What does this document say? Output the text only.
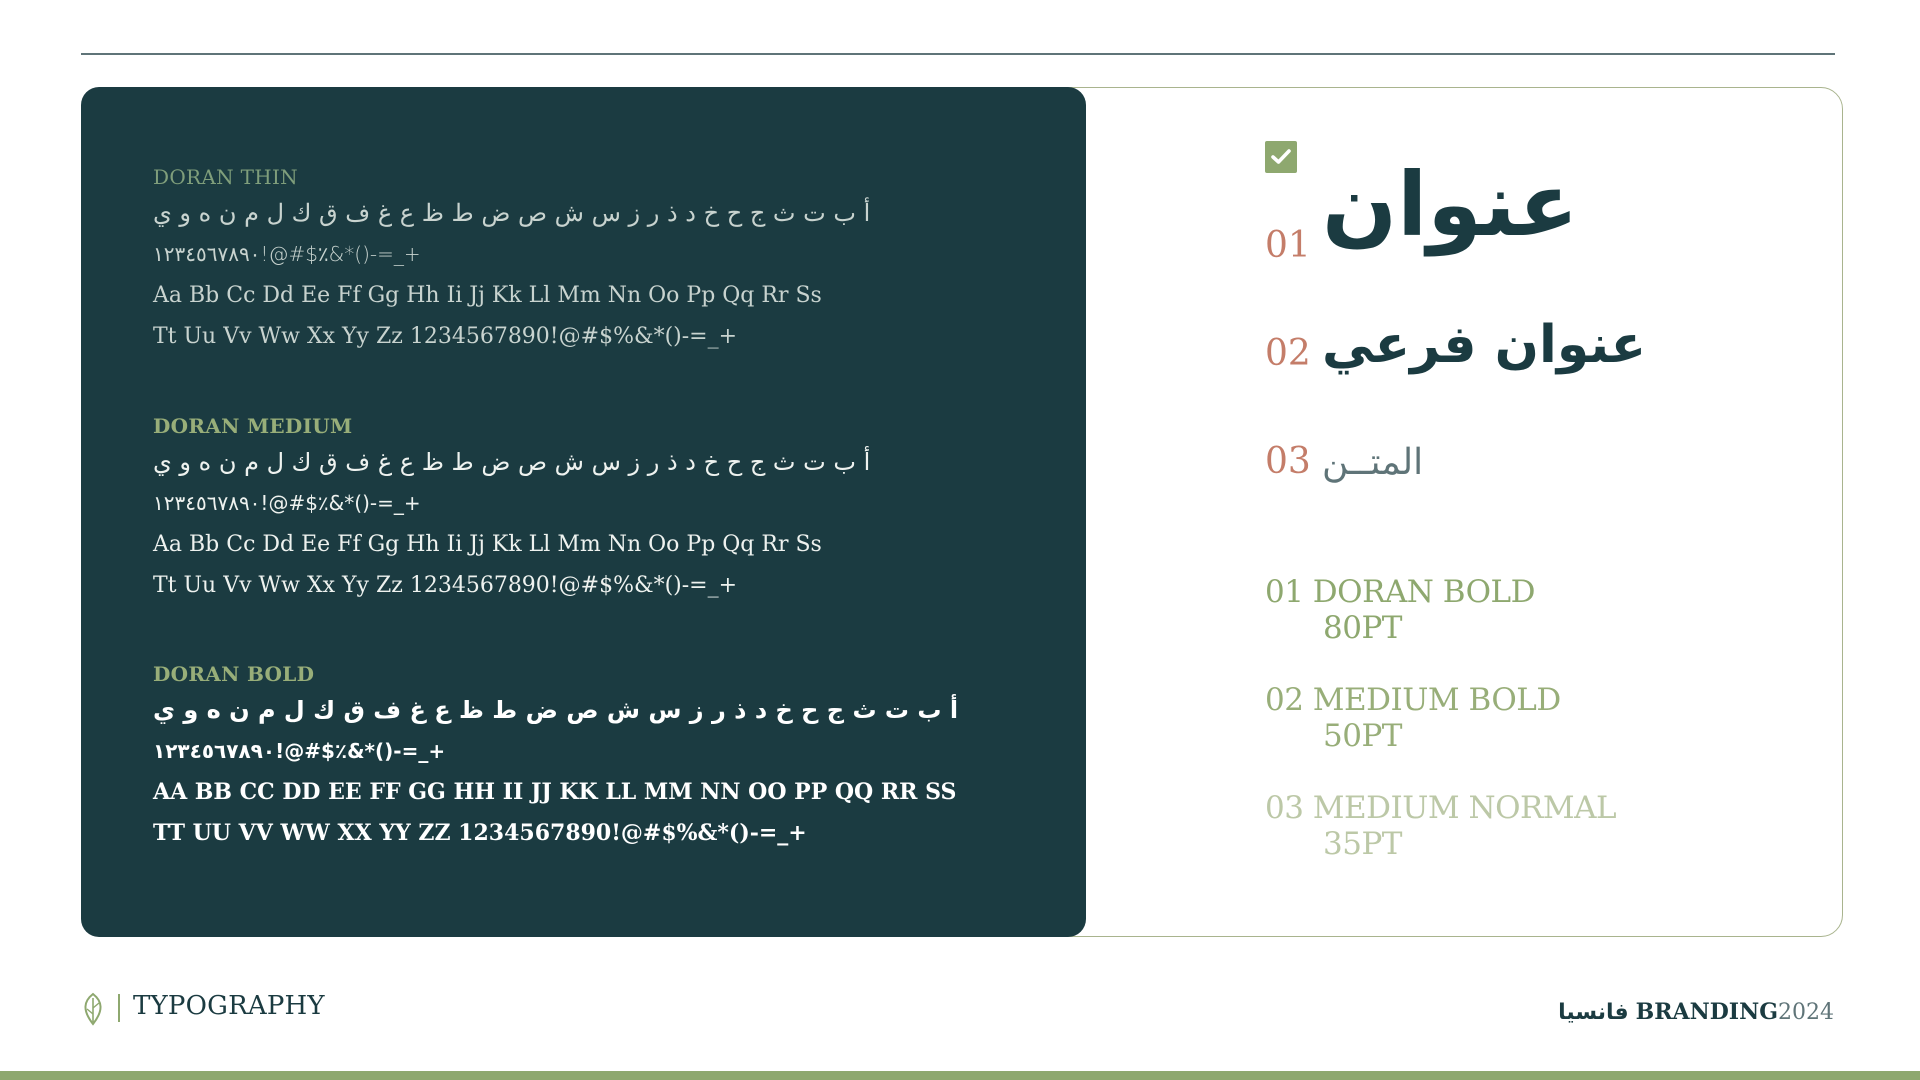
DORAN THIN

أ ب ت ث ج ح خ د ذ ر ز س ش ص ض ط ظ ع غ ف ق ك ل م ن ه و ي

١٢٣٤٥٦٧٨٩٠!@#$٪&*()-=_+

Aa Bb Cc Dd Ee Ff Gg Hh Ii Jj Kk Ll Mm Nn Oo Pp Qq Rr Ss

Tt Uu Vv Ww Xx Yy Zz 1234567890!@#$%&*()-=_+

DORAN MEDIUM

أ ب ت ث ج ح خ د ذ ر ز س ش ص ض ط ظ ع غ ف ق ك ل م ن ه و ي

١٢٣٤٥٦٧٨٩٠!@#$٪&*()-=_+

Aa Bb Cc Dd Ee Ff Gg Hh Ii Jj Kk Ll Mm Nn Oo Pp Qq Rr Ss

Tt Uu Vv Ww Xx Yy Zz 1234567890!@#$%&*()-=_+

DORAN BOLD

أ ب ت ث ج ح خ د ذ ر ز س ش ص ض ط ظ ع غ ف ق ك ل م ن ه و ي

١٢٣٤٥٦٧٨٩٠!@#$٪&*()-=_+

AA BB CC DD EE FF GG HH II JJ KK LL MM NN OO PP QQ RR SS

TT UU VV WW XX YY ZZ 1234567890!@#$%&*()-=_+

01 عنوان
02 عنوان فرعي
03 المتــن
01 DORAN BOLD
80PT
02 MEDIUM BOLD
50PT
03 MEDIUM NORMAL
35PT
TYPOGRAPHY	فانسيا BRANDING2024
